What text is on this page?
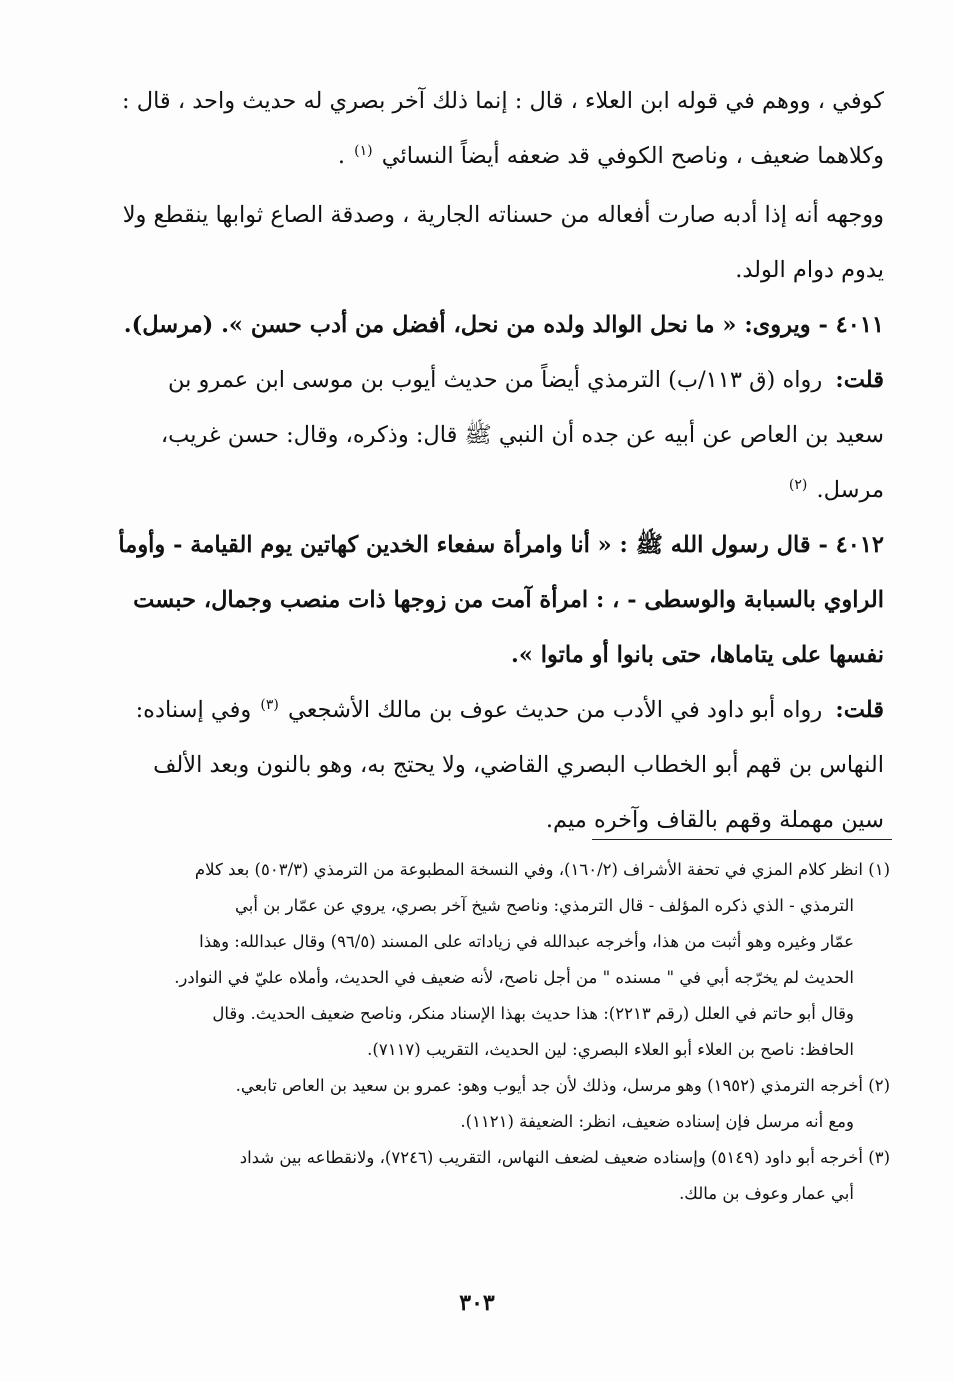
كوفي ، ووهم في قوله ابن العلاء ، قال : إنما ذلك آخر بصري له حديث واحد ، قال :
وكلاهما ضعيف ، وناصح الكوفي قد ضعفه أيضاً النسائي $^{(١)}$ .
ووجهه أنه إذا أدبه صارت أفعاله من حسناته الجارية ، وصدقة الصاع ثوابها ينقطع ولا
يدوم دوام الولد.
٤٠١١ - ويروى: « ما نحل الوالد ولده من نحل، أفضل من أدب حسن ». (مرسل).
قلت: رواه (ق ١١٣/ب) الترمذي أيضاً من حديث أيوب بن موسى ابن عمرو بن
سعيد بن العاص عن أبيه عن جده أن النبي ﷺ قال: وذكره، وقال: حسن غريب،
مرسل. $^{(٢)}$
٤٠١٢ - قال رسول الله ﷺ : « أنا وامرأة سفعاء الخدين كهاتين يوم القيامة - وأومأ
الراوي بالسبابة والوسطى - ، : امرأة آمت من زوجها ذات منصب وجمال، حبست
نفسها على يتاماها، حتى بانوا أو ماتوا ».
قلت: رواه أبو داود في الأدب من حديث عوف بن مالك الأشجعي $^{(٣)}$ وفي إسناده:
النهاس بن قهم أبو الخطاب البصري القاضي، ولا يحتج به، وهو بالنون وبعد الألف
سين مهملة وقهم بالقاف وآخره ميم.
(١) انظر كلام المزي في تحفة الأشراف (١٦٠/٢)، وفي النسخة المطبوعة من الترمذي (٥٠٣/٣) بعد كلام
الترمذي - الذي ذكره المؤلف - قال الترمذي: وناصح شيخ آخر بصري، يروي عن عمّار بن أبي
عمّار وغيره وهو أثبت من هذا، وأخرجه عبدالله في زياداته على المسند (٩٦/٥) وقال عبدالله: وهذا
الحديث لم يخرّجه أبي في " مسنده " من أجل ناصح، لأنه ضعيف في الحديث، وأملاه عليّ في النوادر.
وقال أبو حاتم في العلل (رقم ٢٢١٣): هذا حديث بهذا الإسناد منكر، وناصح ضعيف الحديث. وقال
الحافظ: ناصح بن العلاء أبو العلاء البصري: لين الحديث، التقريب (٧١١٧).
(٢) أخرجه الترمذي (١٩٥٢) وهو مرسل، وذلك لأن جد أيوب وهو: عمرو بن سعيد بن العاص تابعي.
ومع أنه مرسل فإن إسناده ضعيف، انظر: الضعيفة (١١٢١).
(٣) أخرجه أبو داود (٥١٤٩) وإسناده ضعيف لضعف النهاس، التقريب (٧٢٤٦)، ولانقطاعه بين شداد
أبي عمار وعوف بن مالك.
٣٠٣
